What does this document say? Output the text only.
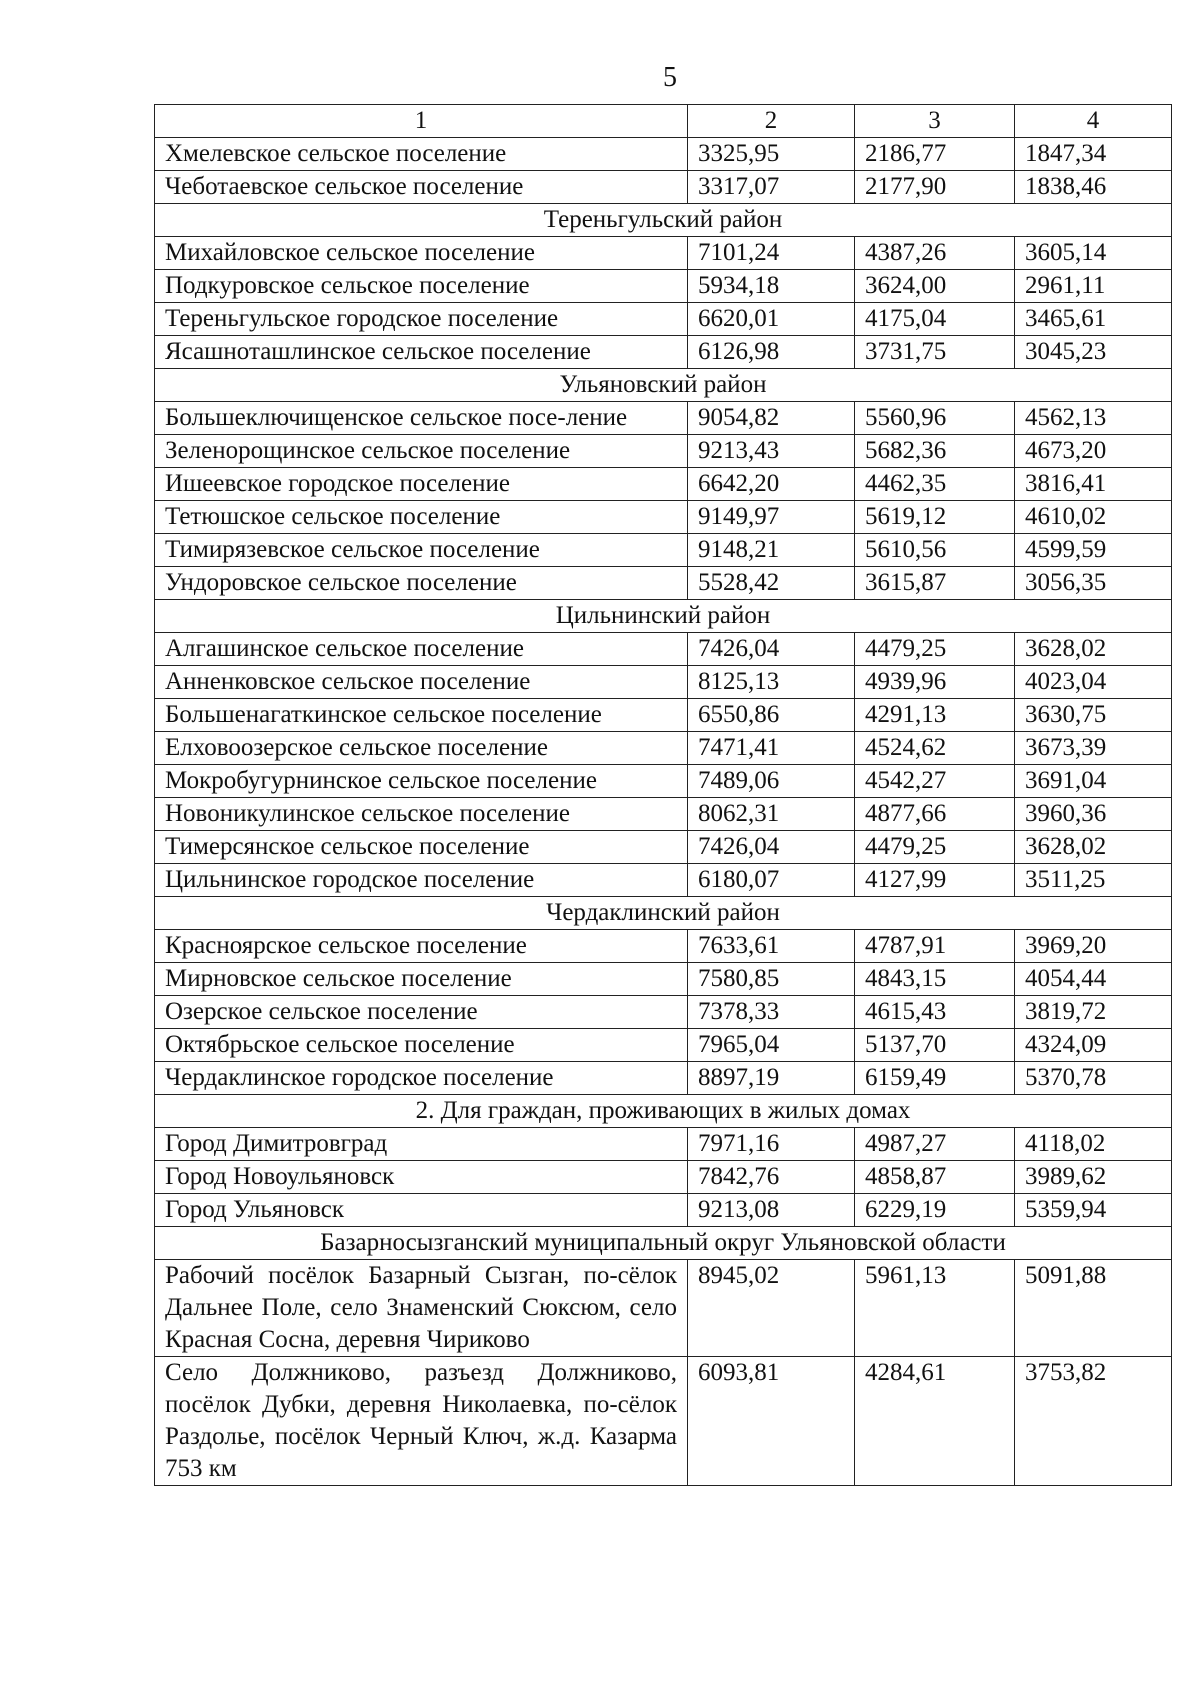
5
1	2	3	4
Хмелевское сельское поселение	3325,95	2186,77	1847,34
Чеботаевское сельское поселение	3317,07	2177,90	1838,46
Тереньгульский район			
Михайловское сельское поселение	7101,24	4387,26	3605,14
Подкуровское сельское поселение	5934,18	3624,00	2961,11
Тереньгульское городское поселение	6620,01	4175,04	3465,61
Ясашноташлинское сельское поселение	6126,98	3731,75	3045,23
Ульяновский район			
Большеключищенское сельское посе-ление	9054,82	5560,96	4562,13
Зеленорощинское сельское поселение	9213,43	5682,36	4673,20
Ишеевское городское поселение	6642,20	4462,35	3816,41
Тетюшское сельское поселение	9149,97	5619,12	4610,02
Тимирязевское сельское поселение	9148,21	5610,56	4599,59
Ундоровское сельское поселение	5528,42	3615,87	3056,35
Цильнинский район			
Алгашинское сельское поселение	7426,04	4479,25	3628,02
Анненковское сельское поселение	8125,13	4939,96	4023,04
Большенагаткинское сельское поселение	6550,86	4291,13	3630,75
Елховоозерское сельское поселение	7471,41	4524,62	3673,39
Мокробугурнинское сельское поселение	7489,06	4542,27	3691,04
Новоникулинское сельское поселение	8062,31	4877,66	3960,36
Тимерсянское сельское поселение	7426,04	4479,25	3628,02
Цильнинское городское поселение	6180,07	4127,99	3511,25
Чердаклинский район			
Красноярское сельское поселение	7633,61	4787,91	3969,20
Мирновское сельское поселение	7580,85	4843,15	4054,44
Озерское сельское поселение	7378,33	4615,43	3819,72
Октябрьское сельское поселение	7965,04	5137,70	4324,09
Чердаклинское городское поселение	8897,19	6159,49	5370,78
2. Для граждан, проживающих в жилых домах			
Город Димитровград	7971,16	4987,27	4118,02
Город Новоульяновск	7842,76	4858,87	3989,62
Город Ульяновск	9213,08	6229,19	5359,94
Базарносызганский муниципальный округ Ульяновской области			
Рабочий посёлок Базарный Сызган, по-сёлок Дальнее Поле, село Знаменский Сюксюм, село Красная Сосна, деревня Чириково	8945,02	5961,13	5091,88
Село Должниково, разъезд Должниково, посёлок Дубки, деревня Николаевка, по-сёлок Раздолье, посёлок Черный Ключ, ж.д. Казарма 753 км	6093,81	4284,61	3753,82
